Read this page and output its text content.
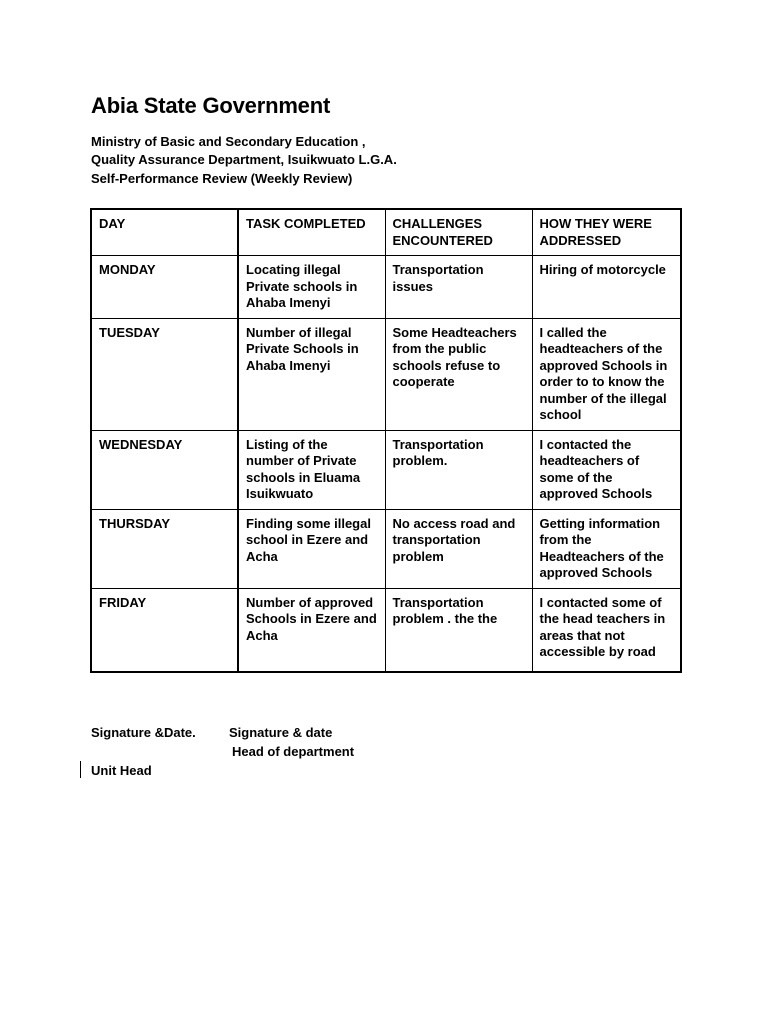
Abia State Government

Ministry of Basic and Secondary Education ,

Quality Assurance Department, Isuikwuato L.G.A.

Self-Performance Review (Weekly Review)

DAY	TASK COMPLETED	CHALLENGES ENCOUNTERED	HOW THEY WERE ADDRESSED
MONDAY	Locating illegal Private schools in Ahaba Imenyi	Transportation issues	Hiring of motorcycle
TUESDAY	Number of illegal Private Schools in Ahaba Imenyi	Some Headteachers from the public schools refuse to cooperate	I called the headteachers of the approved Schools in order to to know the number of the illegal school
WEDNESDAY	Listing of the number of Private schools in Eluama Isuikwuato	Transportation problem.	I contacted the headteachers of some of the approved Schools
THURSDAY	Finding some illegal school in Ezere and Acha	No access road and transportation problem	Getting information from the Headteachers of the approved Schools
FRIDAY	Number of approved Schools in Ezere and Acha	Transportation problem . the the	I contacted some of the head teachers in areas that not accessible by road

Signature &Date.	Signature & date

Head of department

Unit Head
